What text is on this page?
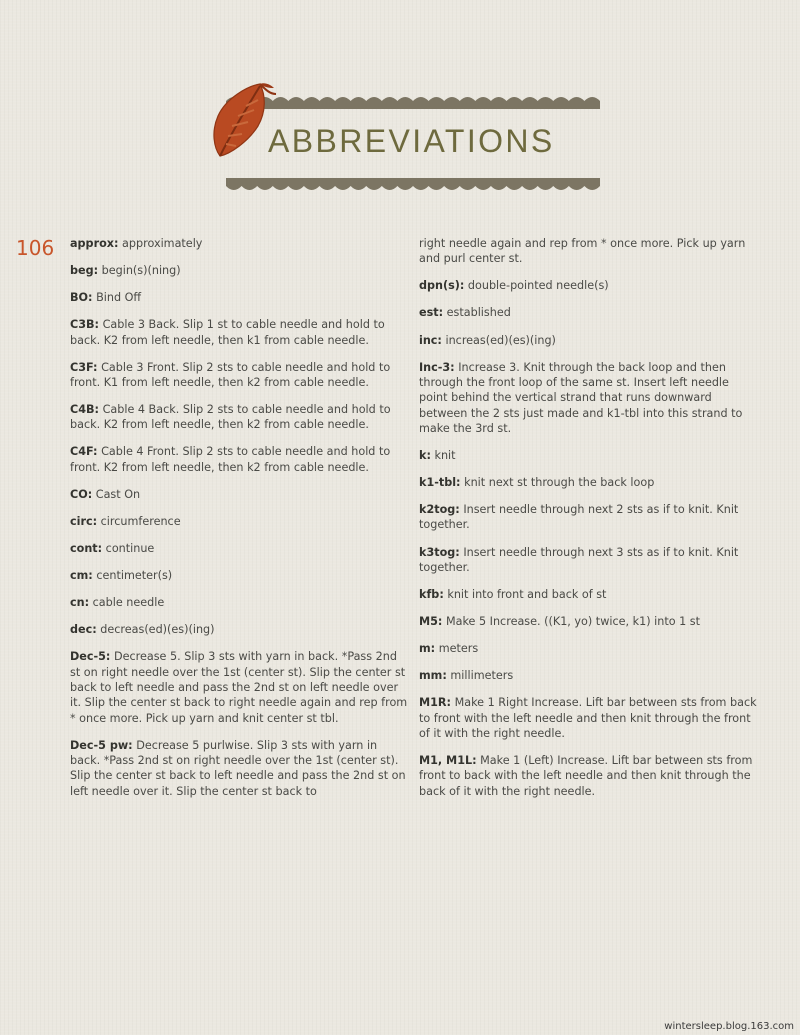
ABBREVIATIONS
106 approx: approximately
beg: begin(s)(ning)
BO: Bind Off
C3B: Cable 3 Back. Slip 1 st to cable needle and hold to back. K2 from left needle, then k1 from cable needle.
C3F: Cable 3 Front. Slip 2 sts to cable needle and hold to front. K1 from left needle, then k2 from cable needle.
C4B: Cable 4 Back. Slip 2 sts to cable needle and hold to back. K2 from left needle, then k2 from cable needle.
C4F: Cable 4 Front. Slip 2 sts to cable needle and hold to front. K2 from left needle, then k2 from cable needle.
CO: Cast On
circ: circumference
cont: continue
cm: centimeter(s)
cn: cable needle
dec: decreas(ed)(es)(ing)
Dec-5: Decrease 5. Slip 3 sts with yarn in back. *Pass 2nd st on right needle over the 1st (center st). Slip the center st back to left needle and pass the 2nd st on left needle over it. Slip the center st back to right needle again and rep from * once more. Pick up yarn and knit center st tbl.
Dec-5 pw: Decrease 5 purlwise. Slip 3 sts with yarn in back. *Pass 2nd st on right needle over the 1st (center st). Slip the center st back to left needle and pass the 2nd st on left needle over it. Slip the center st back to
right needle again and rep from * once more. Pick up yarn and purl center st.
dpn(s): double-pointed needle(s)
est: established
inc: increas(ed)(es)(ing)
Inc-3: Increase 3. Knit through the back loop and then through the front loop of the same st. Insert left needle point behind the vertical strand that runs downward between the 2 sts just made and k1-tbl into this strand to make the 3rd st.
k: knit
k1-tbl: knit next st through the back loop
k2tog: Insert needle through next 2 sts as if to knit. Knit together.
k3tog: Insert needle through next 3 sts as if to knit. Knit together.
kfb: knit into front and back of st
M5: Make 5 Increase. ((K1, yo) twice, k1) into 1 st
m: meters
mm: millimeters
M1R: Make 1 Right Increase. Lift bar between sts from back to front with the left needle and then knit through the front of it with the right needle.
M1, M1L: Make 1 (Left) Increase. Lift bar between sts from front to back with the left needle and then knit through the back of it with the right needle.
wintersleep.blog.163.com
